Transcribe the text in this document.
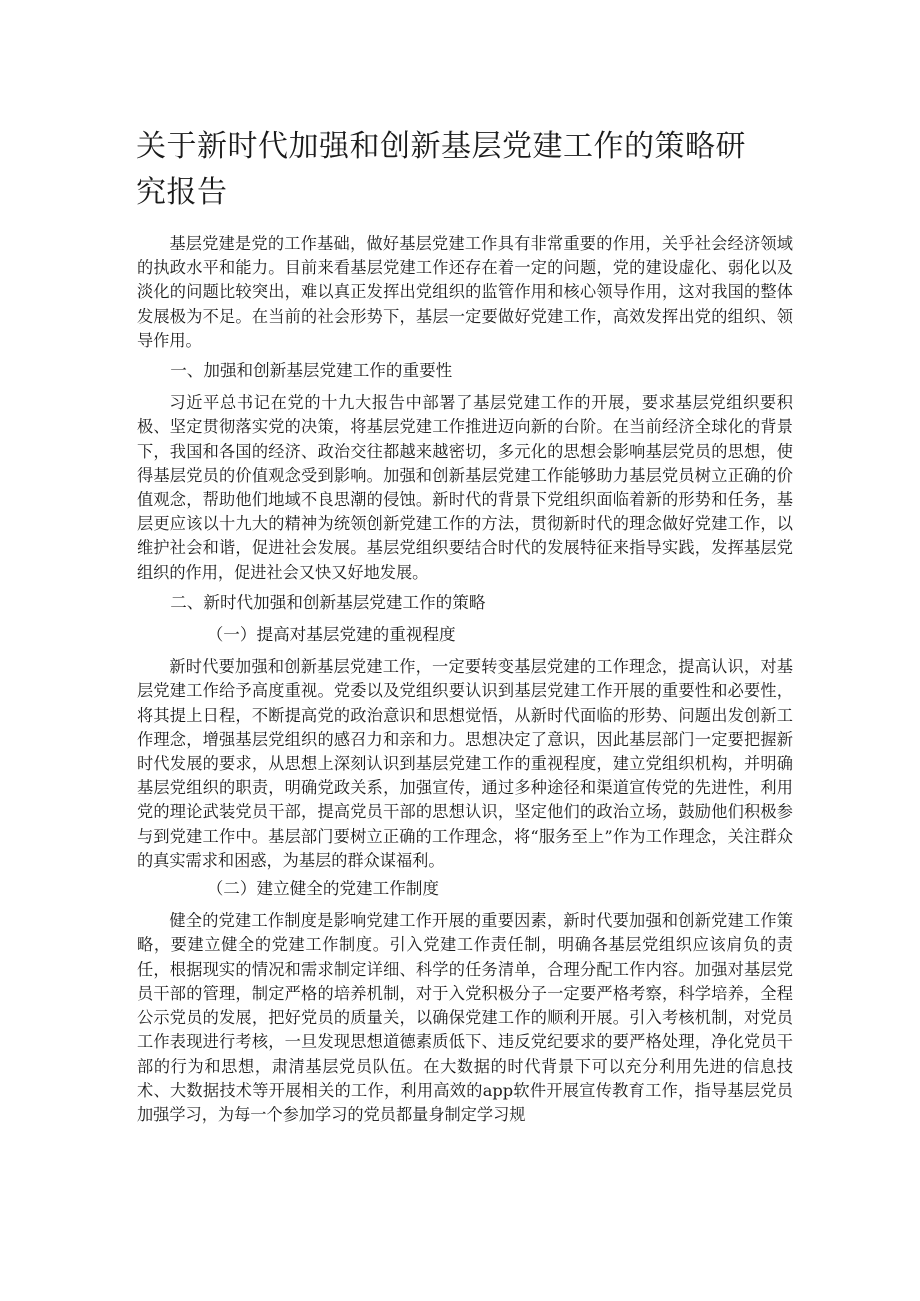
关于新时代加强和创新基层党建工作的策略研究报告

基层党建是党的工作基础，做好基层党建工作具有非常重要的作用，关乎社会经济领域的执政水平和能力。目前来看基层党建工作还存在着一定的问题，党的建设虚化、弱化以及淡化的问题比较突出，难以真正发挥出党组织的监管作用和核心领导作用，这对我国的整体发展极为不足。在当前的社会形势下，基层一定要做好党建工作，高效发挥出党的组织、领导作用。

一、加强和创新基层党建工作的重要性

习近平总书记在党的十九大报告中部署了基层党建工作的开展，要求基层党组织要积极、坚定贯彻落实党的决策，将基层党建工作推进迈向新的台阶。在当前经济全球化的背景下，我国和各国的经济、政治交往都越来越密切，多元化的思想会影响基层党员的思想，使得基层党员的价值观念受到影响。加强和创新基层党建工作能够助力基层党员树立正确的价值观念，帮助他们地域不良思潮的侵蚀。新时代的背景下党组织面临着新的形势和任务，基层更应该以十九大的精神为统领创新党建工作的方法，贯彻新时代的理念做好党建工作，以维护社会和谐，促进社会发展。基层党组织要结合时代的发展特征来指导实践，发挥基层党组织的作用，促进社会又快又好地发展。

二、新时代加强和创新基层党建工作的策略

（一）提高对基层党建的重视程度

新时代要加强和创新基层党建工作，一定要转变基层党建的工作理念，提高认识，对基层党建工作给予高度重视。党委以及党组织要认识到基层党建工作开展的重要性和必要性，将其提上日程，不断提高党的政治意识和思想觉悟，从新时代面临的形势、问题出发创新工作理念，增强基层党组织的感召力和亲和力。思想决定了意识，因此基层部门一定要把握新时代发展的要求，从思想上深刻认识到基层党建工作的重视程度，建立党组织机构，并明确基层党组织的职责，明确党政关系，加强宣传，通过多种途径和渠道宣传党的先进性，利用党的理论武装党员干部，提高党员干部的思想认识，坚定他们的政治立场，鼓励他们积极参与到党建工作中。基层部门要树立正确的工作理念，将“服务至上”作为工作理念，关注群众的真实需求和困惑，为基层的群众谋福利。

（二）建立健全的党建工作制度

健全的党建工作制度是影响党建工作开展的重要因素，新时代要加强和创新党建工作策略，要建立健全的党建工作制度。引入党建工作责任制，明确各基层党组织应该肩负的责任，根据现实的情况和需求制定详细、科学的任务清单，合理分配工作内容。加强对基层党员干部的管理，制定严格的培养机制，对于入党积极分子一定要严格考察，科学培养，全程公示党员的发展，把好党员的质量关，以确保党建工作的顺利开展。引入考核机制，对党员工作表现进行考核，一旦发现思想道德素质低下、违反党纪要求的要严格处理，净化党员干部的行为和思想，肃清基层党员队伍。在大数据的时代背景下可以充分利用先进的信息技术、大数据技术等开展相关的工作，利用高效的app软件开展宣传教育工作，指导基层党员加强学习，为每一个参加学习的党员都量身制定学习规
